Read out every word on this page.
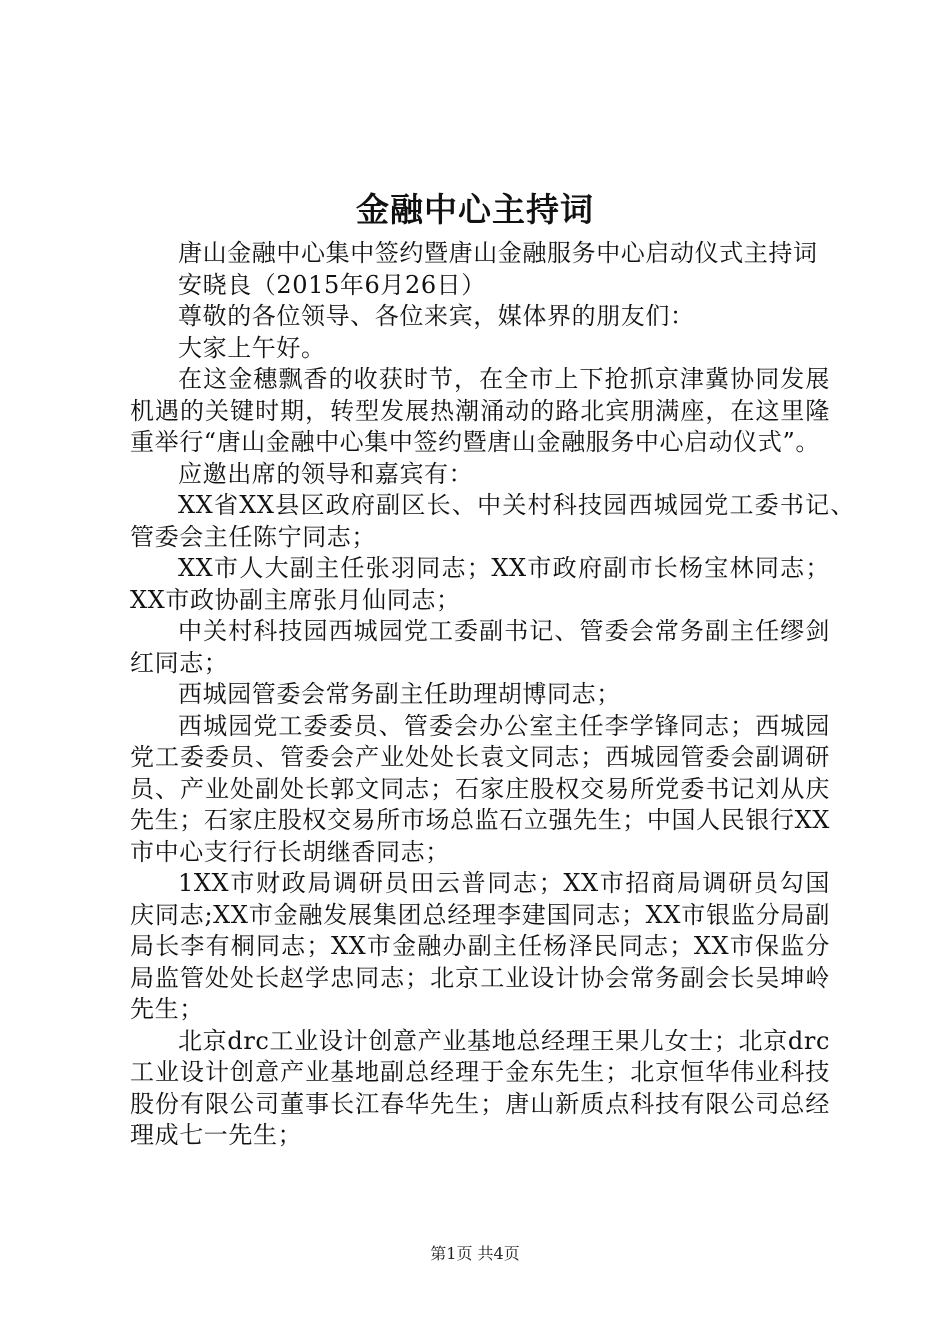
金融中心主持词

唐山金融中心集中签约暨唐山金融服务中心启动仪式主持词

安晓良（2015年6月26日）

尊敬的各位领导、各位来宾，媒体界的朋友们：

大家上午好。

在这金穗飘香的收获时节，在全市上下抢抓京津冀协同发展机遇的关键时期，转型发展热潮涌动的路北宾朋满座，在这里隆重举行“唐山金融中心集中签约暨唐山金融服务中心启动仪式”。

应邀出席的领导和嘉宾有：

XX省XX县区政府副区长、中关村科技园西城园党工委书记、管委会主任陈宁同志；

XX市人大副主任张羽同志；XX市政府副市长杨宝林同志；XX市政协副主席张月仙同志；

中关村科技园西城园党工委副书记、管委会常务副主任缪剑红同志；

西城园管委会常务副主任助理胡博同志；

西城园党工委委员、管委会办公室主任李学锋同志；西城园党工委委员、管委会产业处处长袁文同志；西城园管委会副调研员、产业处副处长郭文同志；石家庄股权交易所党委书记刘从庆先生；石家庄股权交易所市场总监石立强先生；中国人民银行XX市中心支行行长胡继香同志；

1XX市财政局调研员田云普同志；XX市招商局调研员勾国庆同志;XX市金融发展集团总经理李建国同志；XX市银监分局副局长李有桐同志；XX市金融办副主任杨泽民同志；XX市保监分局监管处处长赵学忠同志；北京工业设计协会常务副会长吴坤岭先生；

北京drc工业设计创意产业基地总经理王果儿女士；北京drc工业设计创意产业基地副总经理于金东先生；北京恒华伟业科技股份有限公司董事长江春华先生；唐山新质点科技有限公司总经理成七一先生；

第1页 共4页
